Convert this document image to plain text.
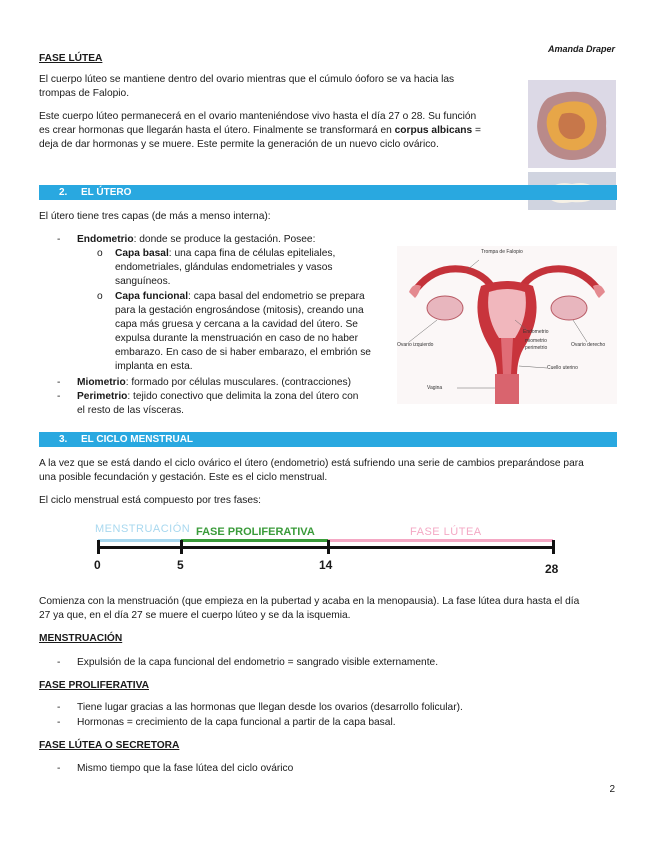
Amanda Draper
FASE LÚTEA
El cuerpo lúteo se mantiene dentro del ovario mientras que el cúmulo óoforo se va hacia las
trompas de Falopio.
Este cuerpo lúteo permanecerá en el ovario manteniéndose vivo hasta el día 27 o 28. Su función
es crear hormonas que llegarán hasta el útero. Finalmente se transformará en corpus albicans =
deja de dar hormonas y se muere. Este permite la generación de un nuevo ciclo ovárico.
2. EL ÚTERO
El útero tiene tres capas (de más a menso interna):
- Endometrio: donde se produce la gestación. Posee:
o Capa basal: una capa fina de células epiteliales,
endometriales, glándulas endometriales y vasos
sanguíneos.
o Capa funcional: capa basal del endometrio se prepara
para la gestación engrosándose (mitosis), creando una
capa más gruesa y cercana a la cavidad del útero. Se
expulsa durante la menstruación en caso de no haber
embarazo. En caso de si haber embarazo, el embrión se
implanta en esta.
- Miometrio: formado por células musculares. (contracciones)
- Perimetrio: tejido conectivo que delimita la zona del útero con
el resto de las vísceras.
Trompa de Falopio
Ovario izquierdo	Ovario derecho
Endometrio
miometrio
perimetrio
Cuello uterino
Vagina
3. EL CICLO MENSTRUAL
A la vez que se está dando el ciclo ovárico el útero (endometrio) está sufriendo una serie de cambios preparándose para
una posible fecundación y gestación. Este es el ciclo menstrual.
El ciclo menstrual está compuesto por tres fases:
MENSTRUACIÓN FASE PROLIFERATIVA	FASE LÚTEA
0	5	14	28
Comienza con la menstruación (que empieza en la pubertad y acaba en la menopausia). La fase lútea dura hasta el día
27 ya que, en el día 27 se muere el cuerpo lúteo y se da la isquemia.
MENSTRUACIÓN
- Expulsión de la capa funcional del endometrio = sangrado visible externamente.
FASE PROLIFERATIVA
- Tiene lugar gracias a las hormonas que llegan desde los ovarios (desarrollo folicular).
- Hormonas = crecimiento de la capa funcional a partir de la capa basal.
FASE LÚTEA O SECRETORA
- Mismo tiempo que la fase lútea del ciclo ovárico
2
